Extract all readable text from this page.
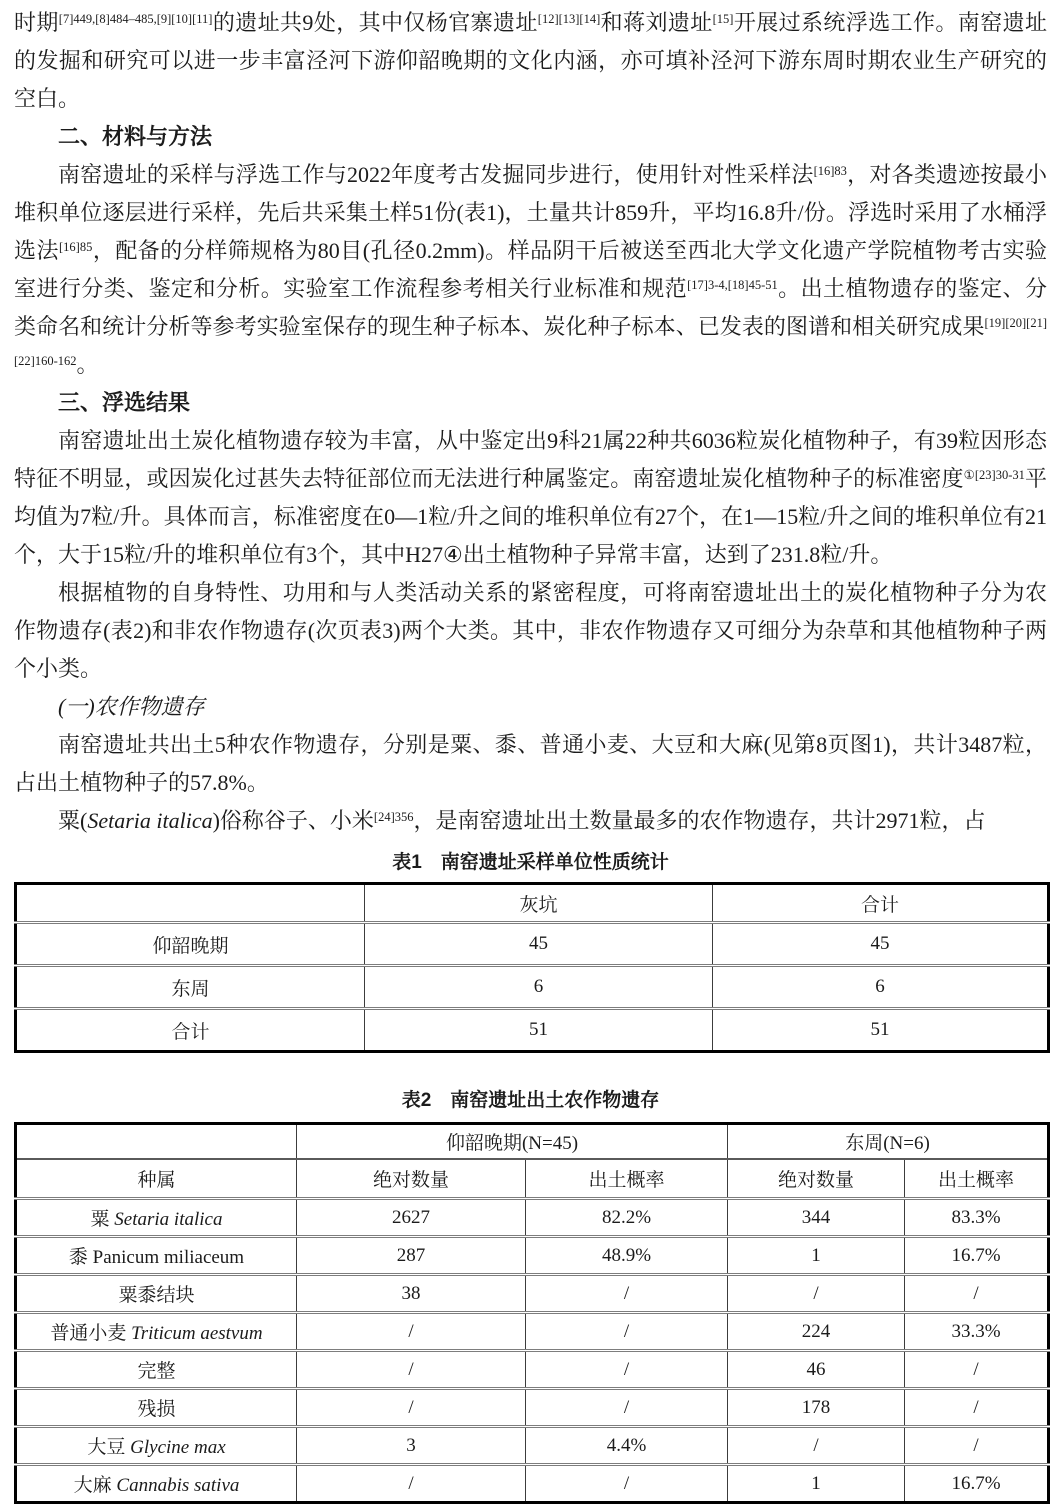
时期[7]449,[8]484–485,[9][10][11]的遗址共9处，其中仅杨官寨遗址[12][13][14]和蒋刘遗址[15]开展过系统浮选工作。南窑遗址的发掘和研究可以进一步丰富泾河下游仰韶晚期的文化内涵，亦可填补泾河下游东周时期农业生产研究的空白。

二、材料与方法

南窑遗址的采样与浮选工作与2022年度考古发掘同步进行，使用针对性采样法$^{[16]83}$，对各类遗迹按最小堆积单位逐层进行采样，先后共采集土样51份(表1)，土量共计859升，平均16.8升/份。浮选时采用了水桶浮选法$^{[16]85}$，配备的分样筛规格为80目(孔径0.2mm)。样品阴干后被送至西北大学文化遗产学院植物考古实验室进行分类、鉴定和分析。实验室工作流程参考相关行业标准和规范$^{[17]3-4,[18]45-51}$。出土植物遗存的鉴定、分类命名和统计分析等参考实验室保存的现生种子标本、炭化种子标本、已发表的图谱和相关研究成果$^{[19][20][21][22]160-162}$。

三、浮选结果

南窑遗址出土炭化植物遗存较为丰富，从中鉴定出9科21属22种共6036粒炭化植物种子，有39粒因形态特征不明显，或因炭化过甚失去特征部位而无法进行种属鉴定。南窑遗址炭化植物种子的标准密度$^{①[23]30-31}$平均值为7粒/升。具体而言，标准密度在0—1粒/升之间的堆积单位有27个，在1—15粒/升之间的堆积单位有21个，大于15粒/升的堆积单位有3个，其中H27④出土植物种子异常丰富，达到了231.8粒/升。

根据植物的自身特性、功用和与人类活动关系的紧密程度，可将南窑遗址出土的炭化植物种子分为农作物遗存(表2)和非农作物遗存(次页表3)两个大类。其中，非农作物遗存又可细分为杂草和其他植物种子两个小类。

(一)农作物遗存

南窑遗址共出土5种农作物遗存，分别是粟、黍、普通小麦、大豆和大麻(见第8页图1)，共计3487粒，占出土植物种子的57.8%。

粟(Setaria italica)俗称谷子、小米$^{[24]356}$，是南窑遗址出土数量最多的农作物遗存，共计2971粒，占

表1　南窑遗址采样单位性质统计
	灰坑	合计
仰韶晚期	45	45
东周	6	6
合计	51	51
表2　南窑遗址出土农作物遗存
	仰韶晚期(N=45)		东周(N=6)	
种属	绝对数量	出土概率	绝对数量	出土概率
粟 Setaria italica	2627	82.2%	344	83.3%
黍 Panicum miliaceum	287	48.9%	1	16.7%
粟黍结块	38	/	/	/
普通小麦 Triticum aestvum	/	/	224	33.3%
完整	/	/	46	/
残损	/	/	178	/
大豆 Glycine max	3	4.4%	/	/
大麻 Cannabis sativa	/	/	1	16.7%
